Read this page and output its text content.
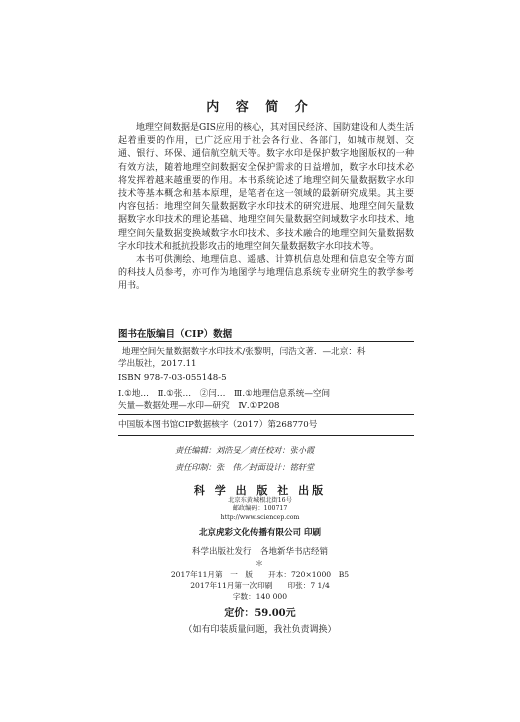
内 容 简 介

地理空间数据是GIS应用的核心，其对国民经济、国防建设和人类生活起着重要的作用，已广泛应用于社会各行业、各部门，如城市规划、交通、银行、环保、通信航空航天等。数字水印是保护数字地图版权的一种有效方法，随着地理空间数据安全保护需求的日益增加，数字水印技术必将发挥着越来越重要的作用。本书系统论述了地理空间矢量数据数字水印技术等基本概念和基本原理，是笔者在这一领域的最新研究成果。其主要内容包括：地理空间矢量数据数字水印技术的研究进展、地理空间矢量数据数字水印技术的理论基础、地理空间矢量数据空间域数字水印技术、地理空间矢量数据变换域数字水印技术、多技术融合的地理空间矢量数据数字水印技术和抵抗投影攻击的地理空间矢量数据数字水印技术等。

本书可供测绘、地理信息、遥感、计算机信息处理和信息安全等方面的科技人员参考，亦可作为地图学与地理信息系统专业研究生的教学参考用书。

图书在版编目（CIP）数据
地理空间矢量数据数字水印技术/张黎明，闫浩文著．—北京：科
学出版社，2017.11
ISBN 978-7-03-055148-5
Ⅰ.①地…　Ⅱ.①张…　②闫…　Ⅲ.①地理信息系统—空间
矢量—数据处理—水印—研究　Ⅳ.①P208
中国版本图书馆CIP数据核字（2017）第268770号
责任编辑：刘浩旻／责任校对：张小霞
责任印制：张　伟／封面设计：铭轩堂
科 学 出 版 社 出版
北京东黄城根北街16号
邮政编码：100717
http://www.sciencep.com
北京虎彩文化传播有限公司 印刷
科学出版社发行　各地新华书店经销
＊
2017年11月第　一　版　　开本：720×1000　B5
2017年11月第一次印刷　　印张：7 1/4
字数：140 000
定价：59.00元
（如有印装质量问题，我社负责调换）
